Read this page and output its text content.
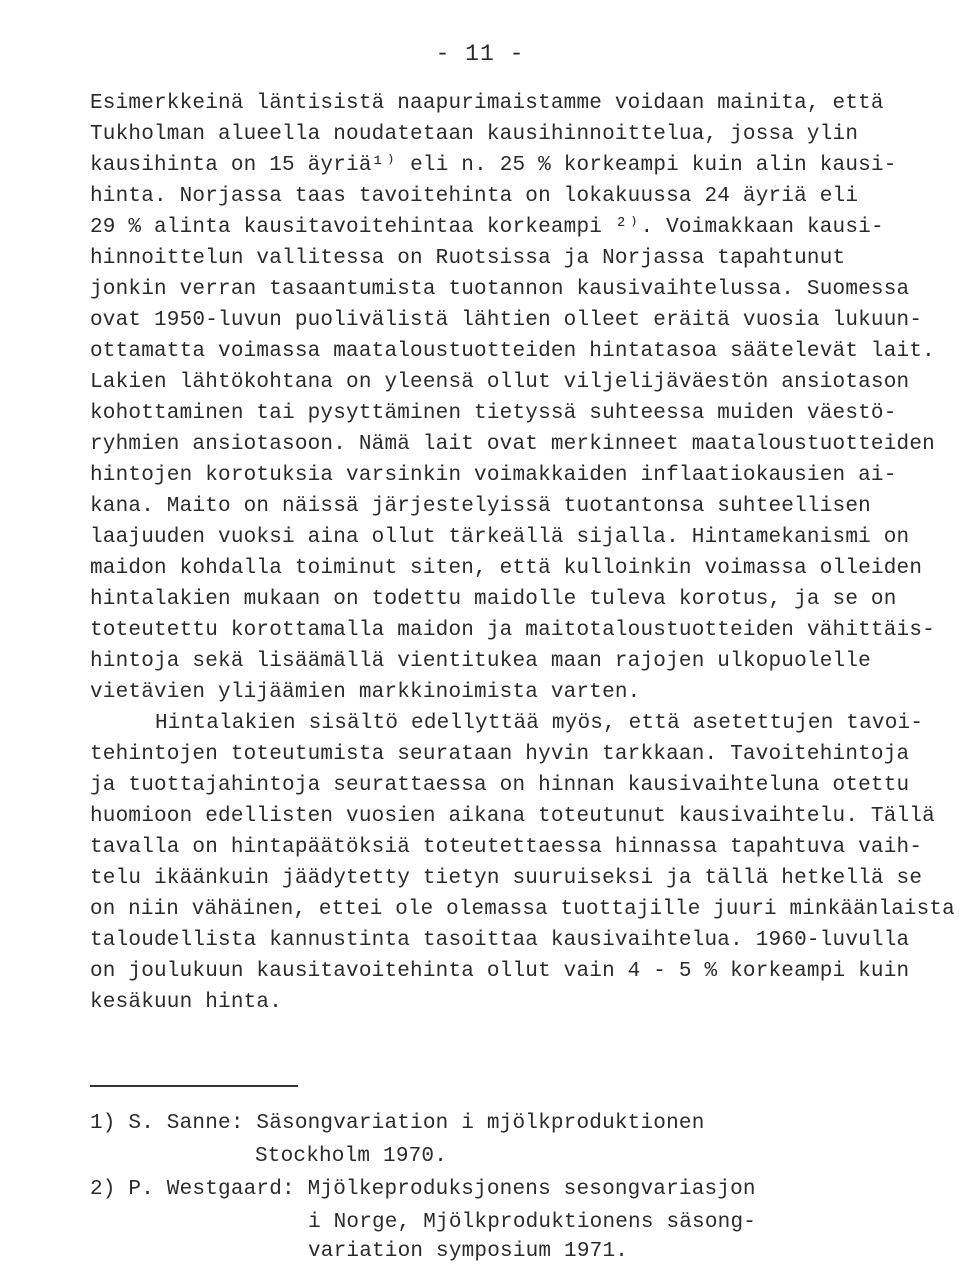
- 11 -
Esimerkkeinä läntisistä naapurimaistamme voidaan mainita, että
Tukholman alueella noudatetaan kausihinnoittelua, jossa ylin
kausihinta on 15 äyriä¹⁾ eli n. 25 % korkeampi kuin alin kausi-
hinta. Norjassa taas tavoitehinta on lokakuussa 24 äyriä eli
29 % alinta kausitavoitehintaa korkeampi ²⁾. Voimakkaan kausi-
hinnoittelun vallitessa on Ruotsissa ja Norjassa tapahtunut
jonkin verran tasaantumista tuotannon kausivaihtelussa. Suomessa
ovat 1950-luvun puolivälistä lähtien olleet eräitä vuosia lukuun-
ottamatta voimassa maataloustuotteiden hintatasoa säätelevät lait.
Lakien lähtökohtana on yleensä ollut viljelijäväestön ansiotason
kohottaminen tai pysyttäminen tietyssä suhteessa muiden väestö-
ryhmien ansiotasoon. Nämä lait ovat merkinneet maataloustuotteiden
hintojen korotuksia varsinkin voimakkaiden inflaatiokausien ai-
kana. Maito on näissä järjestelyissä tuotantonsa suhteellisen
laajuuden vuoksi aina ollut tärkeällä sijalla. Hintamekanismi on
maidon kohdalla toiminut siten, että kulloinkin voimassa olleiden
hintalakien mukaan on todettu maidolle tuleva korotus, ja se on
toteutettu korottamalla maidon ja maitotaloustuotteiden vähittäis-
hintoja sekä lisäämällä vientitukea maan rajojen ulkopuolelle
vietävien ylijäämien markkinoimista varten.
Hintalakien sisältö edellyttää myös, että asetettujen tavoi-
tehintojen toteutumista seurataan hyvin tarkkaan. Tavoitehintoja
ja tuottajahintoja seurattaessa on hinnan kausivaihteluna otettu
huomioon edellisten vuosien aikana toteutunut kausivaihtelu. Tällä
tavalla on hintapäätöksiä toteutettaessa hinnassa tapahtuva vaih-
telu ikäänkuin jäädytetty tietyn suuruiseksi ja tällä hetkellä se
on niin vähäinen, ettei ole olemassa tuottajille juuri minkäänlaista
taloudellista kannustinta tasoittaa kausivaihtelua. 1960-luvulla
on joulukuun kausitavoitehinta ollut vain 4 - 5 % korkeampi kuin
kesäkuun hinta.
1) S. Sanne: Säsongvariation i mjölkproduktionen
Stockholm 1970.
2) P. Westgaard: Mjölkeproduksjonens sesongvariasjon
i Norge, Mjölkproduktionens säsong-
variation symposium 1971.
